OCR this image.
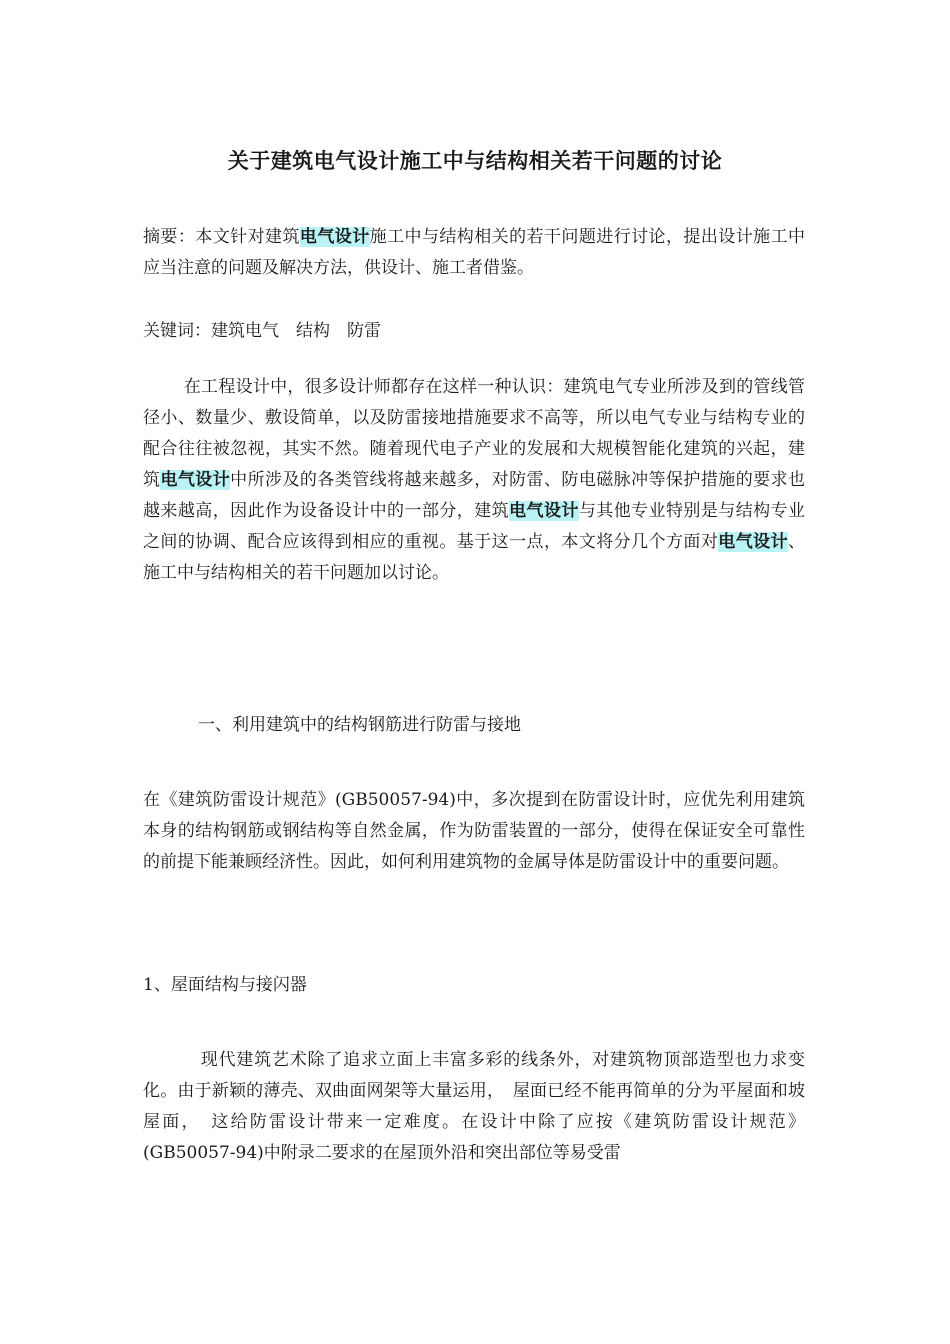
关于建筑电气设计施工中与结构相关若干问题的讨论
摘要：本文针对建筑电气设计施工中与结构相关的若干问题进行讨论，提出设计施工中应当注意的问题及解决方法，供设计、施工者借鉴。
关键词：建筑电气　结构　防雷
在工程设计中，很多设计师都存在这样一种认识：建筑电气专业所涉及到的管线管径小、数量少、敷设简单，以及防雷接地措施要求不高等，所以电气专业与结构专业的配合往往被忽视，其实不然。随着现代电子产业的发展和大规模智能化建筑的兴起，建筑电气设计中所涉及的各类管线将越来越多，对防雷、防电磁脉冲等保护措施的要求也越来越高，因此作为设备设计中的一部分，建筑电气设计与其他专业特别是与结构专业之间的协调、配合应该得到相应的重视。基于这一点，本文将分几个方面对电气设计、施工中与结构相关的若干问题加以讨论。
一、利用建筑中的结构钢筋进行防雷与接地
在《建筑防雷设计规范》(GB50057-94)中，多次提到在防雷设计时，应优先利用建筑本身的结构钢筋或钢结构等自然金属，作为防雷装置的一部分，使得在保证安全可靠性的前提下能兼顾经济性。因此，如何利用建筑物的金属导体是防雷设计中的重要问题。
1、屋面结构与接闪器
现代建筑艺术除了追求立面上丰富多彩的线条外，对建筑物顶部造型也力求变化。由于新颖的薄壳、双曲面网架等大量运用，　屋面已经不能再简单的分为平屋面和坡屋面，　这给防雷设计带来一定难度。在设计中除了应按《建筑防雷设计规范》(GB50057-94)中附录二要求的在屋顶外沿和突出部位等易受雷
